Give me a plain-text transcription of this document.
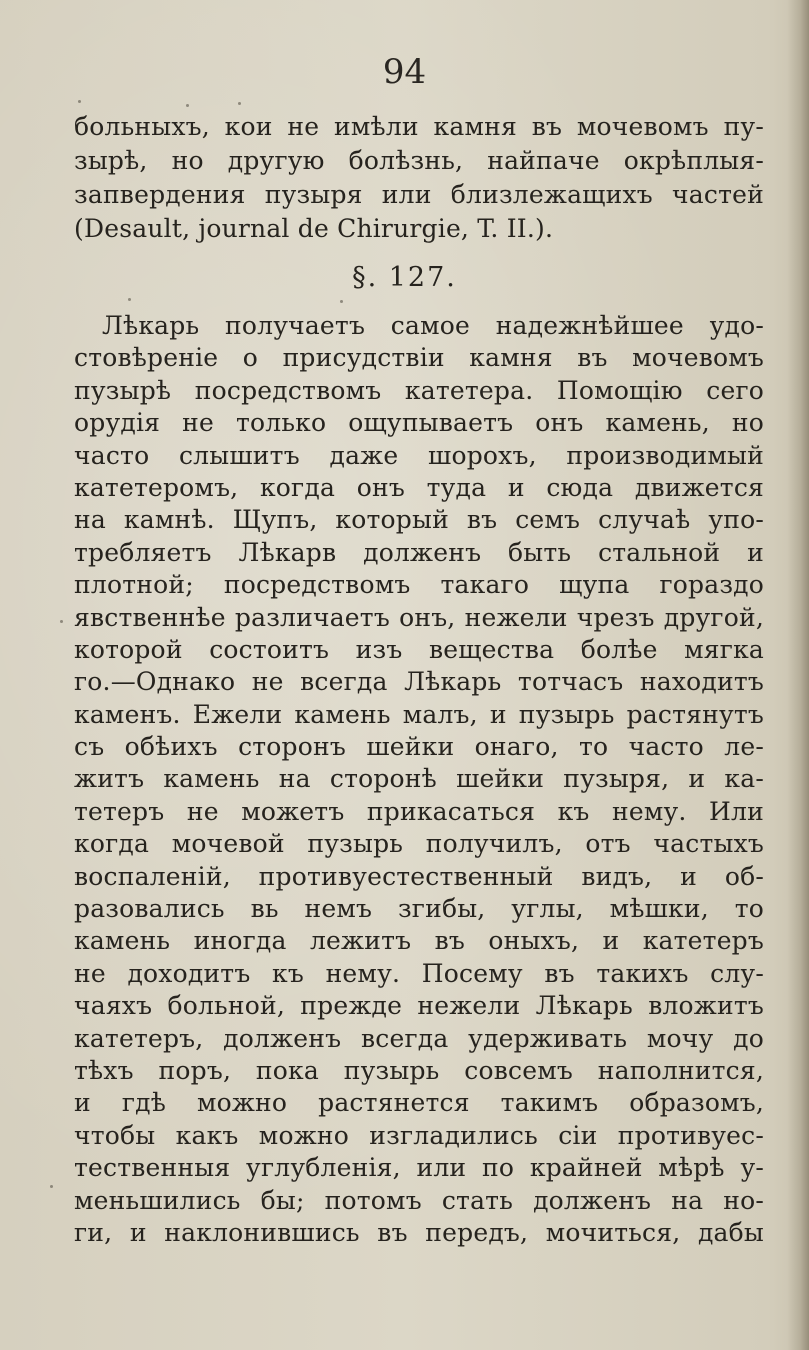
94
больныхъ, кои не имѣли камня въ мочевомъ пу-
зырѣ, но другую болѣзнь, найпаче окрѣплыя-
запвердения пузыря или близлежащихъ частей
(Desault, journal de Chirurgie, T. II.).
§. 127.
Лѣкарь получаетъ самое надежнѣйшее удо-
стовѣреніе о присудствіи камня въ мочевомъ
пузырѣ посредствомъ катетера. Помощію сего
орудія не только ощупываетъ онъ камень, но
часто слышитъ даже шорохъ, производимый
катетеромъ, когда онъ туда и сюда движется
на камнѣ. Щупъ, который въ семъ случаѣ упо-
требляетъ Лѣкарв долженъ быть стальной и
плотной; посредствомъ такаго щупа гораздо
явственнѣе различаетъ онъ, нежели чрезъ другой,
которой состоитъ изъ вещества болѣе мягка
го.—Однако не всегда Лѣкарь тотчасъ находитъ
каменъ. Ежели камень малъ, и пузырь растянутъ
съ обѣихъ сторонъ шейки онаго, то часто ле-
житъ камень на сторонѣ шейки пузыря, и ка-
тетеръ не можетъ прикасаться къ нему. Или
когда мочевой пузырь получилъ, отъ частыхъ
воспаленій, противуестественный видъ, и об-
разовались вь немъ згибы, углы, мѣшки, то
камень иногда лежитъ въ оныхъ, и катетеръ
не доходитъ къ нему. Посему въ такихъ слу-
чаяхъ больной, прежде нежели Лѣкарь вложитъ
катетеръ, долженъ всегда удерживать мочу до
тѣхъ поръ, пока пузырь совсемъ наполнится,
и гдѣ можно растянется такимъ образомъ,
чтобы какъ можно изгладились сіи противуес-
тественныя углубленія, или по крайней мѣрѣ у-
меньшились бы; потомъ стать долженъ на но-
ги, и наклонившись въ передъ, мочиться, дабы
